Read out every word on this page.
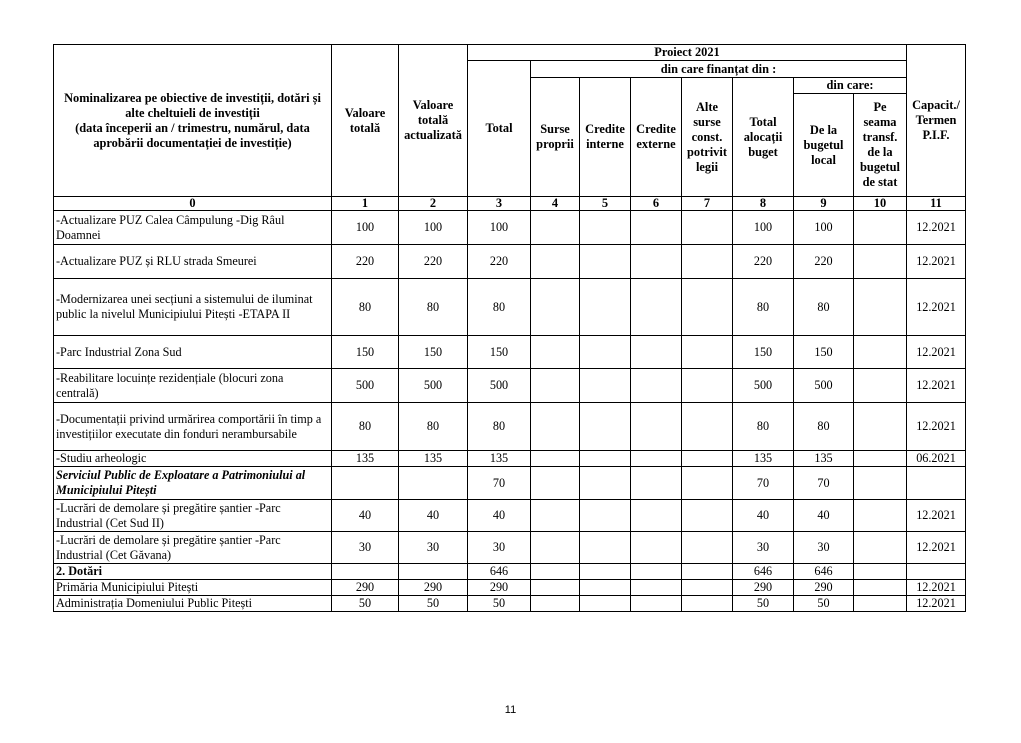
Nominalizarea pe obiective de investiții, dotări și
alte cheltuieli de investiții
(data începerii an / trimestru, numărul, data
aprobării documentației de investiție)	Valoare totală	Valoare totală actualizată	Proiect 2021								Capacit./ Termen P.I.F.
			Total	din care finanțat din :							
				Surse proprii	Credite interne	Credite externe	Alte surse const. potrivit legii	Total alocații buget	din care:		
									De la bugetul local	Pe seama transf. de la bugetul de stat	
0	1	2	3	4	5	6	7	8	9	10	11
-Actualizare PUZ Calea Câmpulung -Dig Râul Doamnei	100	100	100					100	100		12.2021
-Actualizare PUZ și RLU strada Smeurei	220	220	220					220	220		12.2021
-Modernizarea unei secțiuni a sistemului de iluminat public la nivelul Municipiului Pitești -ETAPA II	80	80	80					80	80		12.2021
-Parc Industrial Zona Sud	150	150	150					150	150		12.2021
-Reabilitare locuințe rezidențiale (blocuri zona centrală)	500	500	500					500	500		12.2021
-Documentații privind urmărirea comportării în timp a investițiilor executate din fonduri nerambursabile	80	80	80					80	80		12.2021
-Studiu arheologic	135	135	135					135	135		06.2021
Serviciul Public de Exploatare a Patrimoniului al Municipiului Pitești			70					70	70		
-Lucrări de demolare și pregătire șantier -Parc Industrial (Cet Sud II)	40	40	40					40	40		12.2021
-Lucrări de demolare și pregătire șantier -Parc Industrial (Cet Găvana)	30	30	30					30	30		12.2021
2. Dotări			646					646	646		
Primăria Municipiului Pitești	290	290	290					290	290		12.2021
Administrația Domeniului Public Pitești	50	50	50					50	50		12.2021
11
